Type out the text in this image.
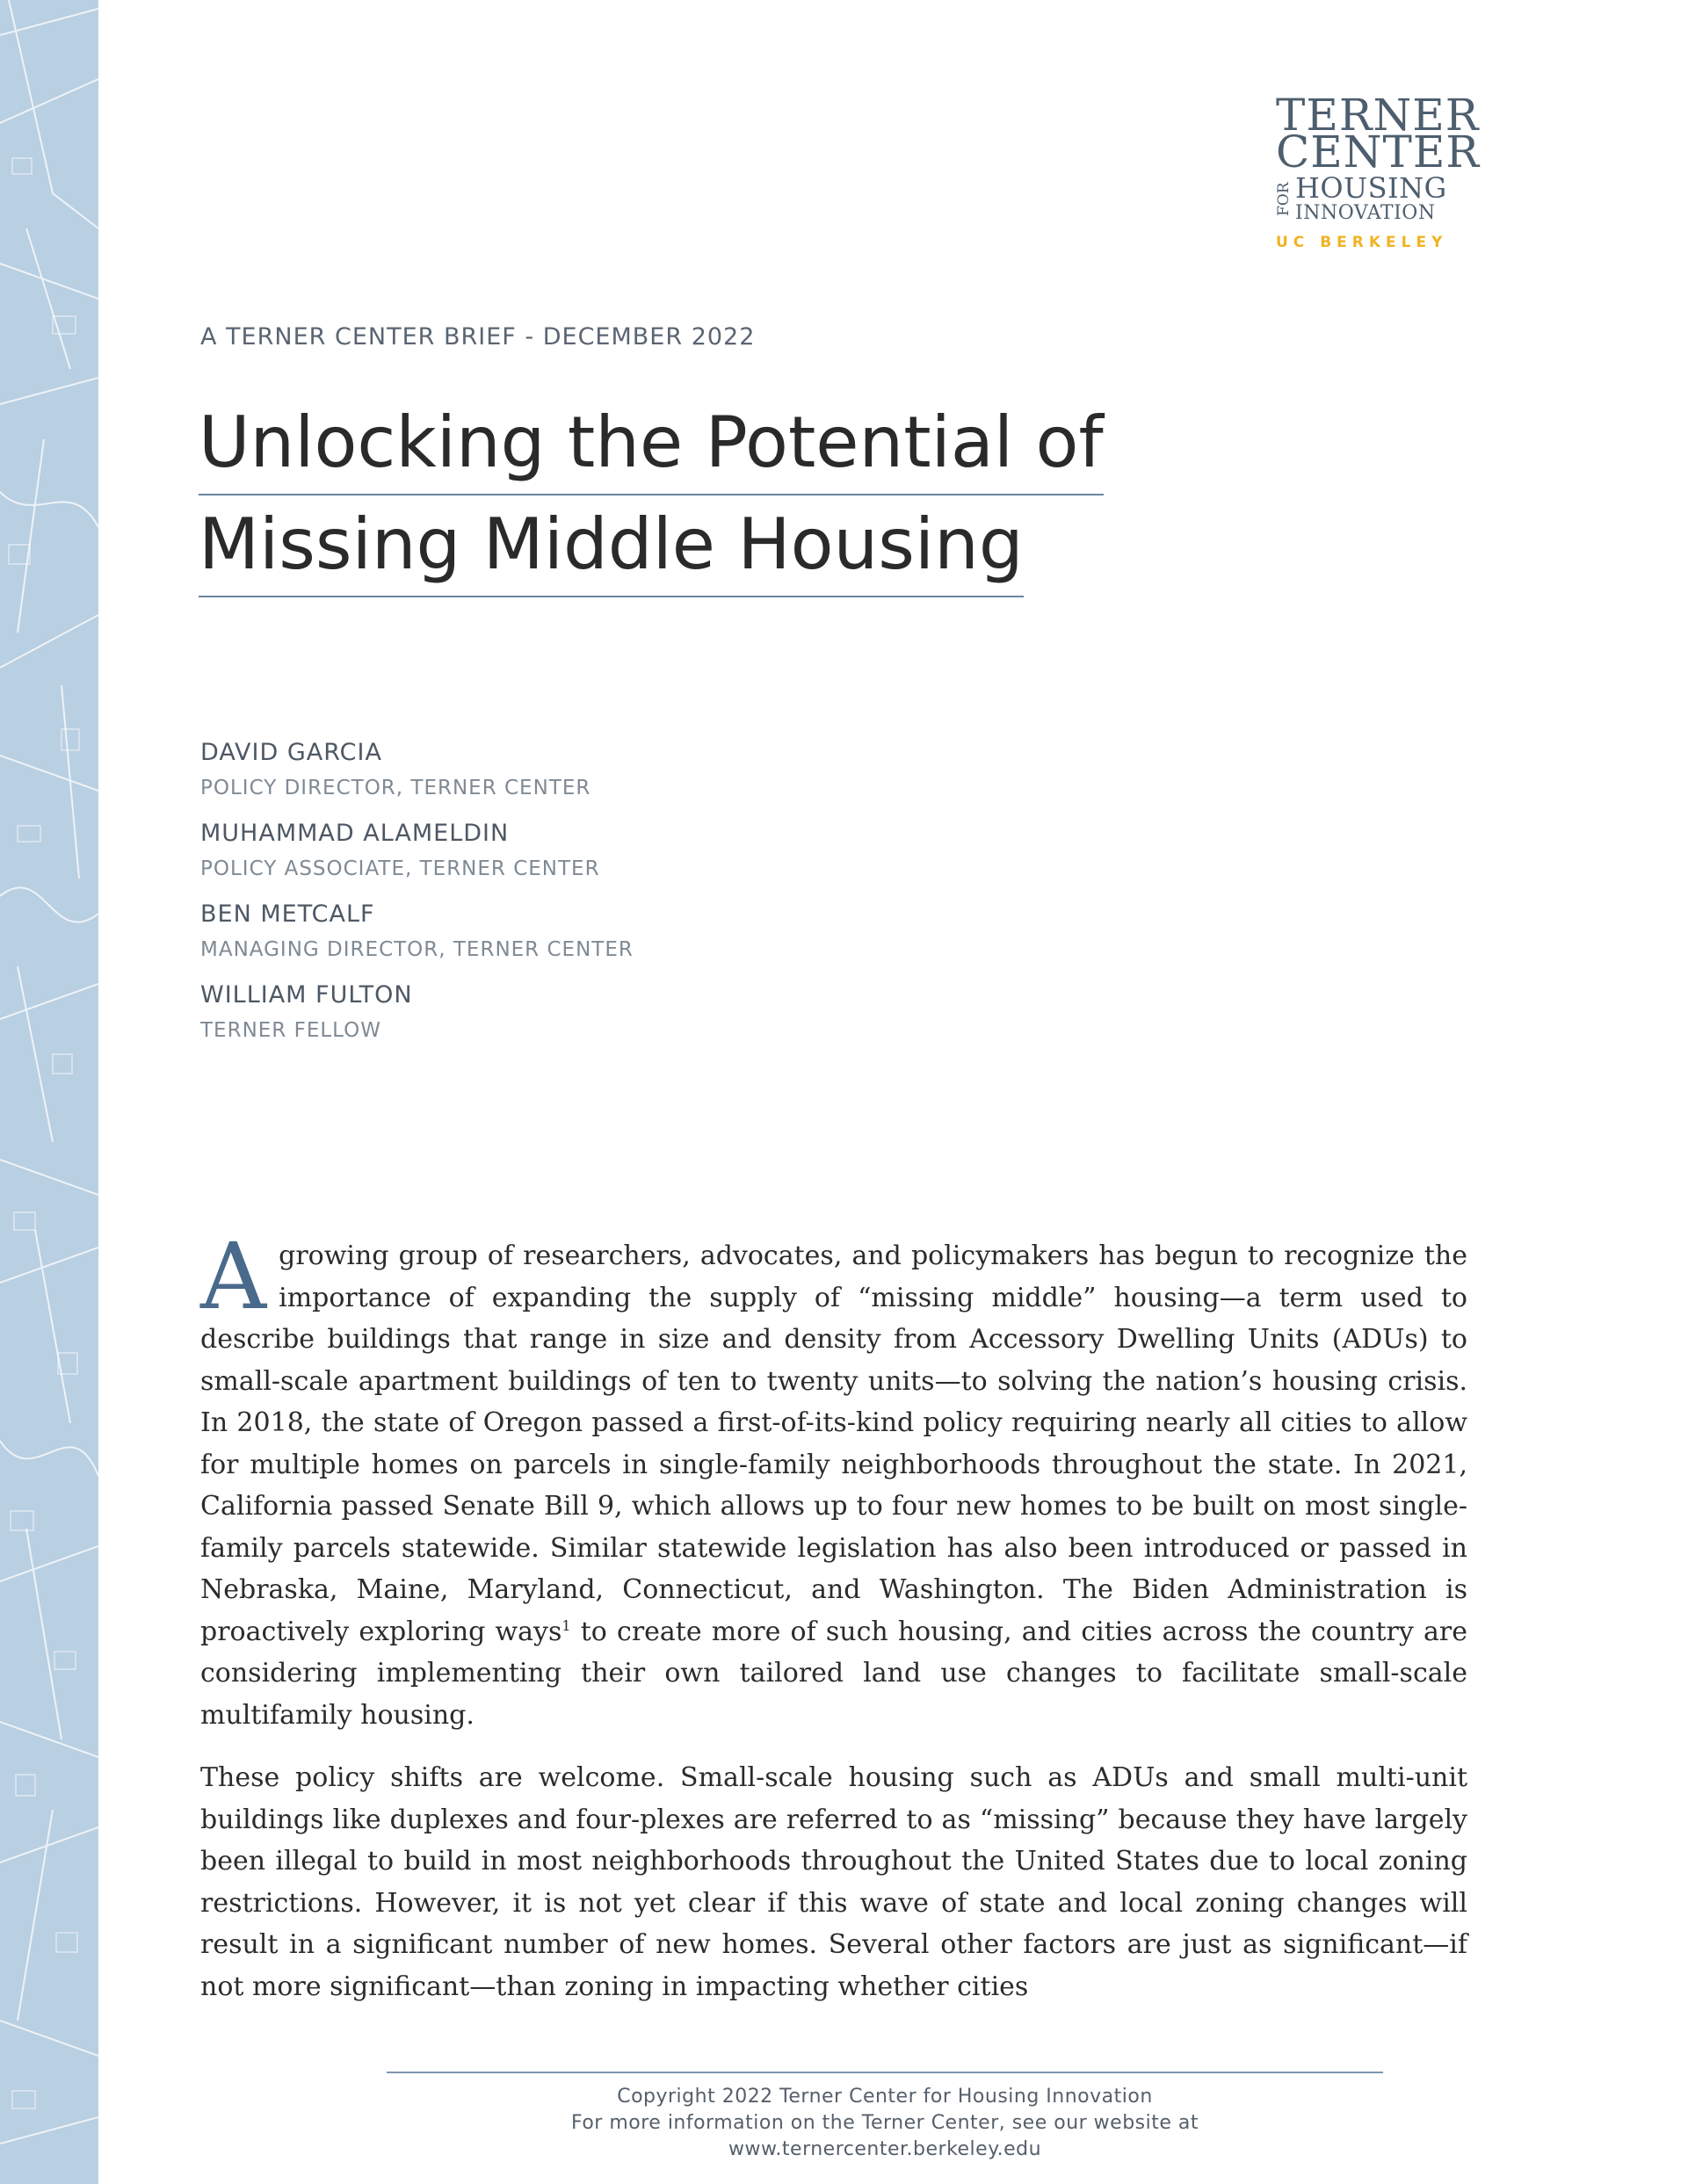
TERNER
CENTER
FOR HOUSING
INNOVATION
UC BERKELEY
A TERNER CENTER BRIEF - DECEMBER 2022
Unlocking the Potential of
Missing Middle Housing
DAVID GARCIA
POLICY DIRECTOR, TERNER CENTER
MUHAMMAD ALAMELDIN
POLICY ASSOCIATE, TERNER CENTER
BEN METCALF
MANAGING DIRECTOR, TERNER CENTER
WILLIAM FULTON
TERNER FELLOW

A growing group of researchers, advocates, and policymakers has begun to recognize the importance of expanding the supply of “missing middle” housing—a term used to describe buildings that range in size and density from Accessory Dwelling Units (ADUs) to small-scale apartment buildings of ten to twenty units—to solving the nation’s housing crisis. In 2018, the state of Oregon passed a first-of-its-kind policy requiring nearly all cities to allow for multiple homes on parcels in single-family neighborhoods throughout the state. In 2021, California passed Senate Bill 9, which allows up to four new homes to be built on most single-family parcels statewide. Similar statewide legislation has also been introduced or passed in Nebraska, Maine, Maryland, Connecticut, and Washington. The Biden Administration is proactively exploring ways$^1$ to create more of such housing, and cities across the country are considering implementing their own tailored land use changes to facilitate small-scale multifamily housing.

These policy shifts are welcome. Small-scale housing such as ADUs and small multi-unit buildings like duplexes and four-plexes are referred to as “missing” because they have largely been illegal to build in most neighborhoods throughout the United States due to local zoning restrictions. However, it is not yet clear if this wave of state and local zoning changes will result in a significant number of new homes. Several other factors are just as significant—if not more significant—than zoning in impacting whether cities

Copyright 2022 Terner Center for Housing Innovation
For more information on the Terner Center, see our website at
www.ternercenter.berkeley.edu
